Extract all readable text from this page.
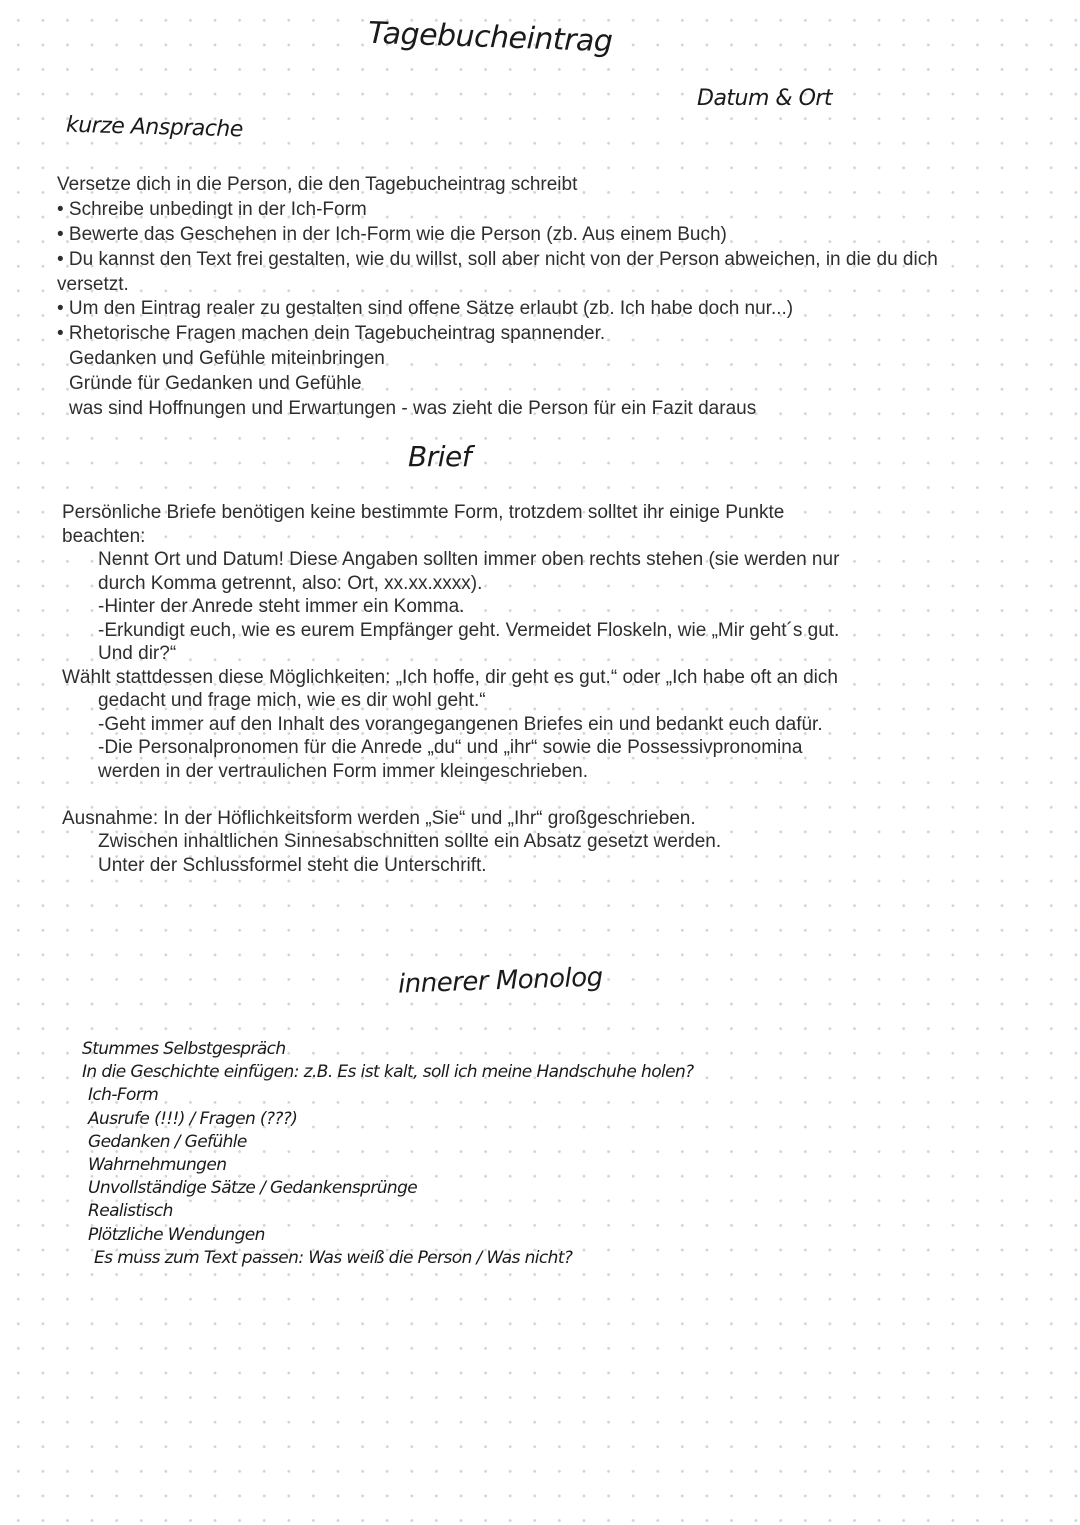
Tagebucheintrag
Datum & Ort
kurze Ansprache
Versetze dich in die Person, die den Tagebucheintrag schreibt
• Schreibe unbedingt in der Ich-Form
• Bewerte das Geschehen in der Ich-Form wie die Person (zb. Aus einem Buch)
• Du kannst den Text frei gestalten, wie du willst, soll aber nicht von der Person abweichen, in die du dich
versetzt.
• Um den Eintrag realer zu gestalten sind offene Sätze erlaubt (zb. Ich habe doch nur...)
• Rhetorische Fragen machen dein Tagebucheintrag spannender.
Gedanken und Gefühle miteinbringen
Gründe für Gedanken und Gefühle
was sind Hoffnungen und Erwartungen - was zieht die Person für ein Fazit daraus
Brief
Persönliche Briefe benötigen keine bestimmte Form, trotzdem solltet ihr einige Punkte
beachten:
Nennt Ort und Datum! Diese Angaben sollten immer oben rechts stehen (sie werden nur
durch Komma getrennt, also: Ort, xx.xx.xxxx).
-Hinter der Anrede steht immer ein Komma.
-Erkundigt euch, wie es eurem Empfänger geht. Vermeidet Floskeln, wie „Mir geht´s gut.
Und dir?“
Wählt stattdessen diese Möglichkeiten: „Ich hoffe, dir geht es gut.“ oder „Ich habe oft an dich
gedacht und frage mich, wie es dir wohl geht.“
-Geht immer auf den Inhalt des vorangegangenen Briefes ein und bedankt euch dafür.
-Die Personalpronomen für die Anrede „du“ und „ihr“ sowie die Possessivpronomina
werden in der vertraulichen Form immer kleingeschrieben.
Ausnahme: In der Höflichkeitsform werden „Sie“ und „Ihr“ großgeschrieben.
Zwischen inhaltlichen Sinnesabschnitten sollte ein Absatz gesetzt werden.
Unter der Schlussformel steht die Unterschrift.
innerer Monolog
Stummes Selbstgespräch
In die Geschichte einfügen: z.B. Es ist kalt, soll ich meine Handschuhe holen?
Ich-Form
Ausrufe (!!!) / Fragen (???)
Gedanken / Gefühle
Wahrnehmungen
Unvollständige Sätze / Gedankensprünge
Realistisch
Plötzliche Wendungen
Es muss zum Text passen: Was weiß die Person / Was nicht?
